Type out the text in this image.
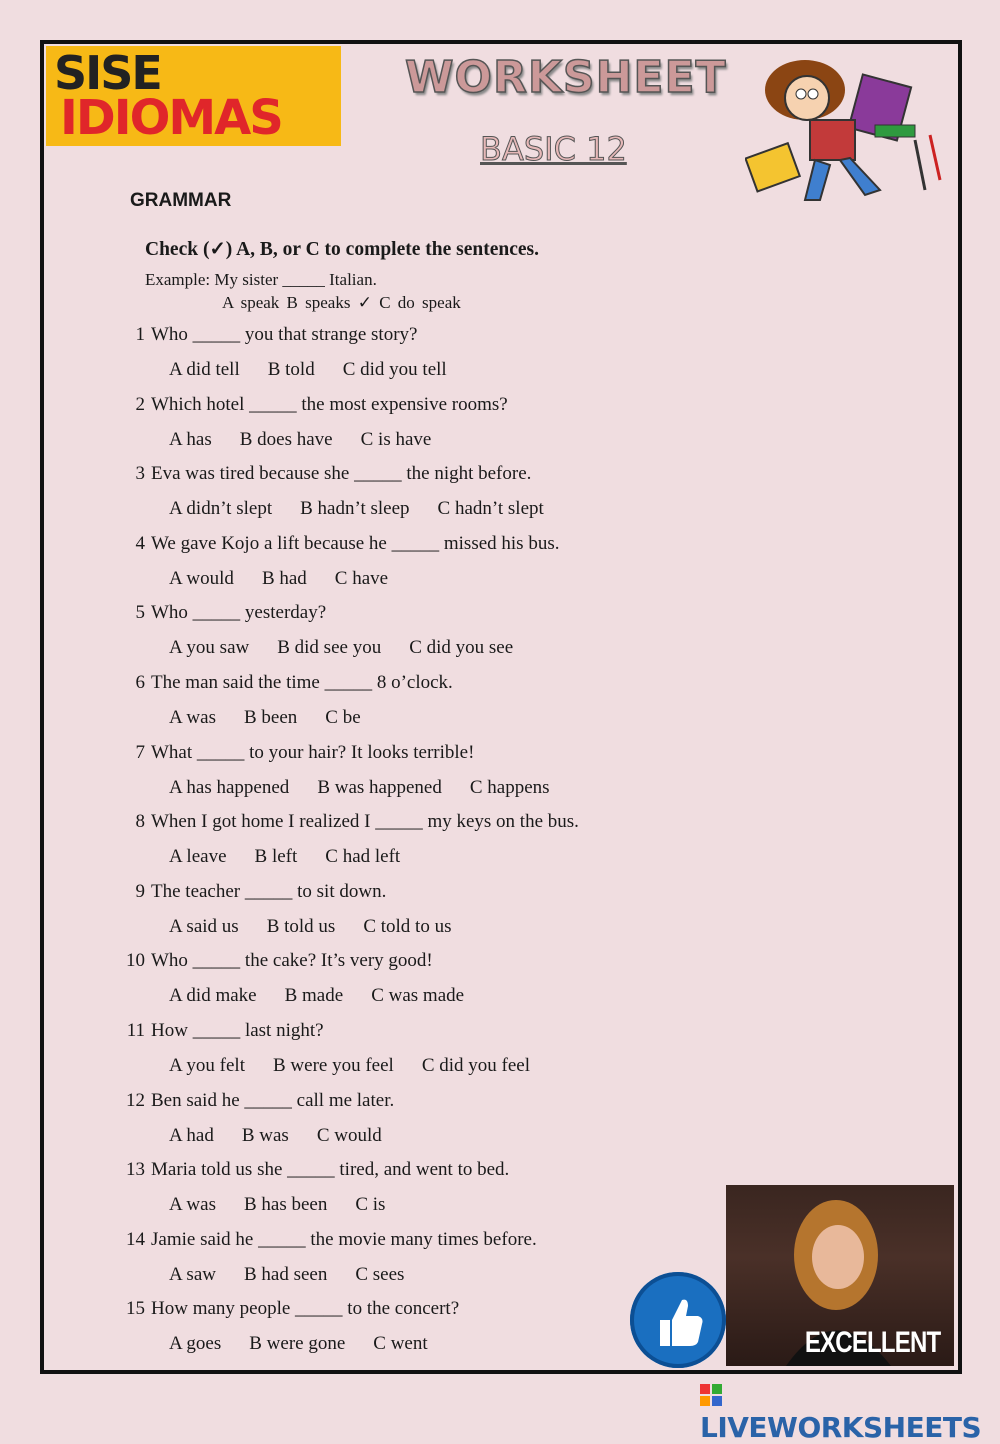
SISE
IDIOMAS
WORKSHEET
BASIC 12
GRAMMAR
Check (✓) A, B, or C to complete the sentences.
Example: My sister _____ Italian.
A speak B speaks ✓ C do speak
1 Who _____ you that strange story?
A did tell B told C did you tell
2 Which hotel _____ the most expensive rooms?
A has B does have C is have
3 Eva was tired because she _____ the night before.
A didn’t slept B hadn’t sleep C hadn’t slept
4 We gave Kojo a lift because he _____ missed his bus.
A would B had C have
5 Who _____ yesterday?
A you saw B did see you C did you see
6 The man said the time _____ 8 o’clock.
A was B been C be
7 What _____ to your hair? It looks terrible!
A has happened B was happened C happens
8 When I got home I realized I _____ my keys on the bus.
A leave B left C had left
9 The teacher _____ to sit down.
A said us B told us C told to us
10 Who _____ the cake? It’s very good!
A did make B made C was made
11 How _____ last night?
A you felt B were you feel C did you feel
12 Ben said he _____ call me later.
A had B was C would
13 Maria told us she _____ tired, and went to bed.
A was B has been C is
14 Jamie said he _____ the movie many times before.
A saw B had seen C sees
15 How many people _____ to the concert?
A goes B were gone C went	EXCELLENT
LIVEWORKSHEETS
